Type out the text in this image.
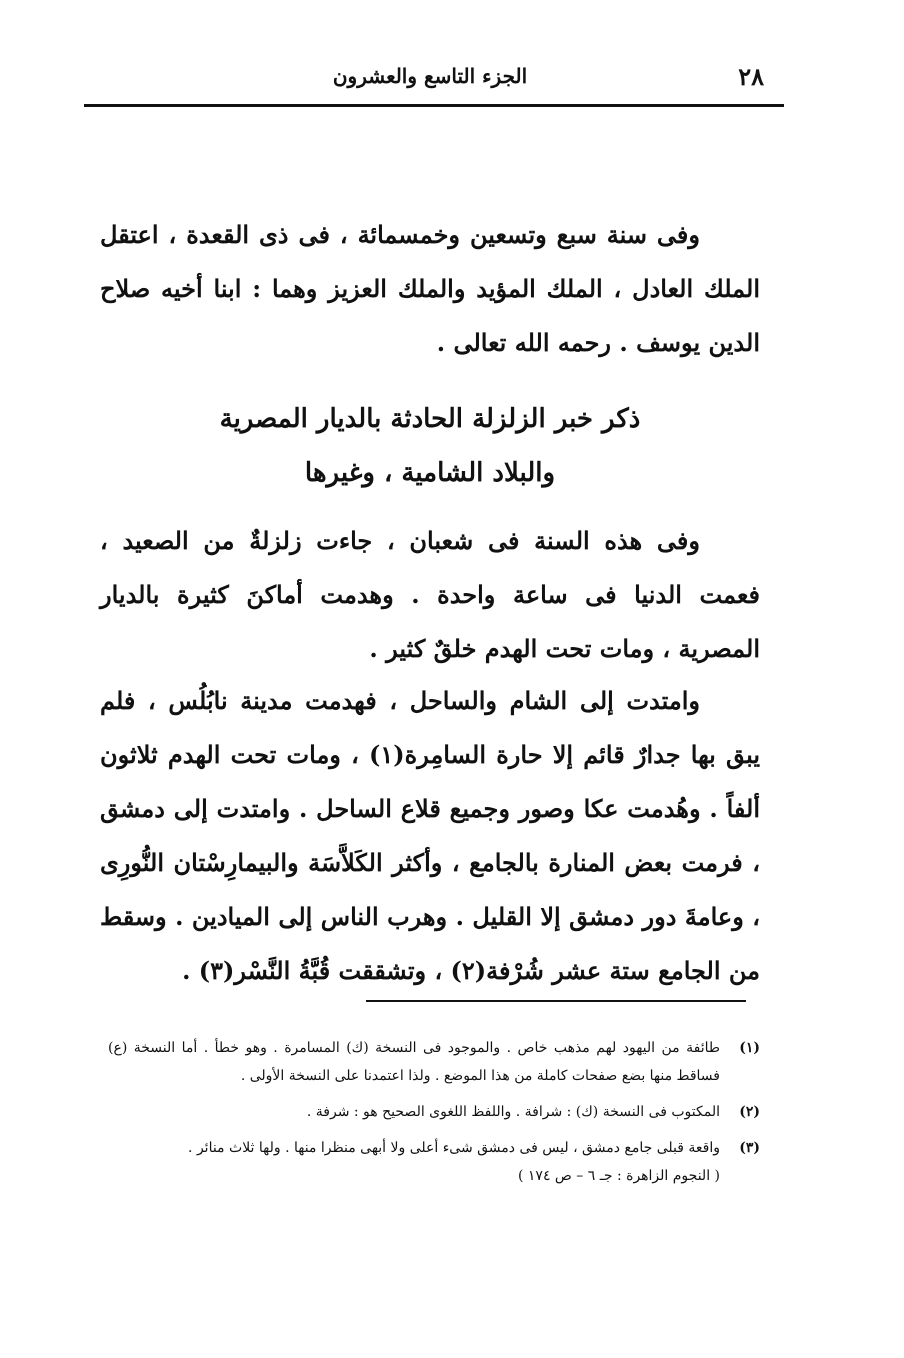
٢٨
الجزء التاسع والعشرون

وفى سنة سبع وتسعين وخمسمائة ، فى ذى القعدة ، اعتقل الملك العادل ، الملك المؤيد والملك العزيز وهما : ابنا أخيه صلاح الدين يوسف . رحمه الله تعالى .

ذكر خبر الزلزلة الحادثة بالديار المصرية
والبلاد الشامية ، وغيرها

وفى هذه السنة فى شعبان ، جاءت زلزلةٌ من الصعيد ، فعمت الدنيا فى ساعة واحدة . وهدمت أماكنَ كثيرة بالديار المصرية ، ومات تحت الهدم خلقٌ كثير .

وامتدت إلى الشام والساحل ، فهدمت مدينة نابُلُس ، فلم يبق بها جدارٌ قائم إلا حارة السامِرة(١) ، ومات تحت الهدم ثلاثون ألفاً . وهُدمت عكا وصور وجميع قلاع الساحل . وامتدت إلى دمشق ، فرمت بعض المنارة بالجامع ، وأكثر الكَلاَّسَة والبيمارِسْتان النُّورِى ، وعامةَ دور دمشق إلا القليل . وهرب الناس إلى الميادين . وسقط من الجامع ستة عشر شُرْفة(٢) ، وتشققت قُبَّةُ النَّسْر(٣) .

(١)
طائفة من اليهود لهم مذهب خاص . والموجود فى النسخة (ك) المسامرة . وهو خطأ . أما النسخة (ع) فساقط منها بضع صفحات كاملة من هذا الموضع . ولذا اعتمدنا على النسخة الأولى .
(٢)
المكتوب فى النسخة (ك) : شرافة . واللفظ اللغوى الصحيح هو : شرفة .
(٣)
واقعة قبلى جامع دمشق ، ليس فى دمشق شىء أعلى ولا أبهى منظرا منها . ولها ثلاث منائر .
( النجوم الزاهرة : جـ ٦ – ص ١٧٤ )
